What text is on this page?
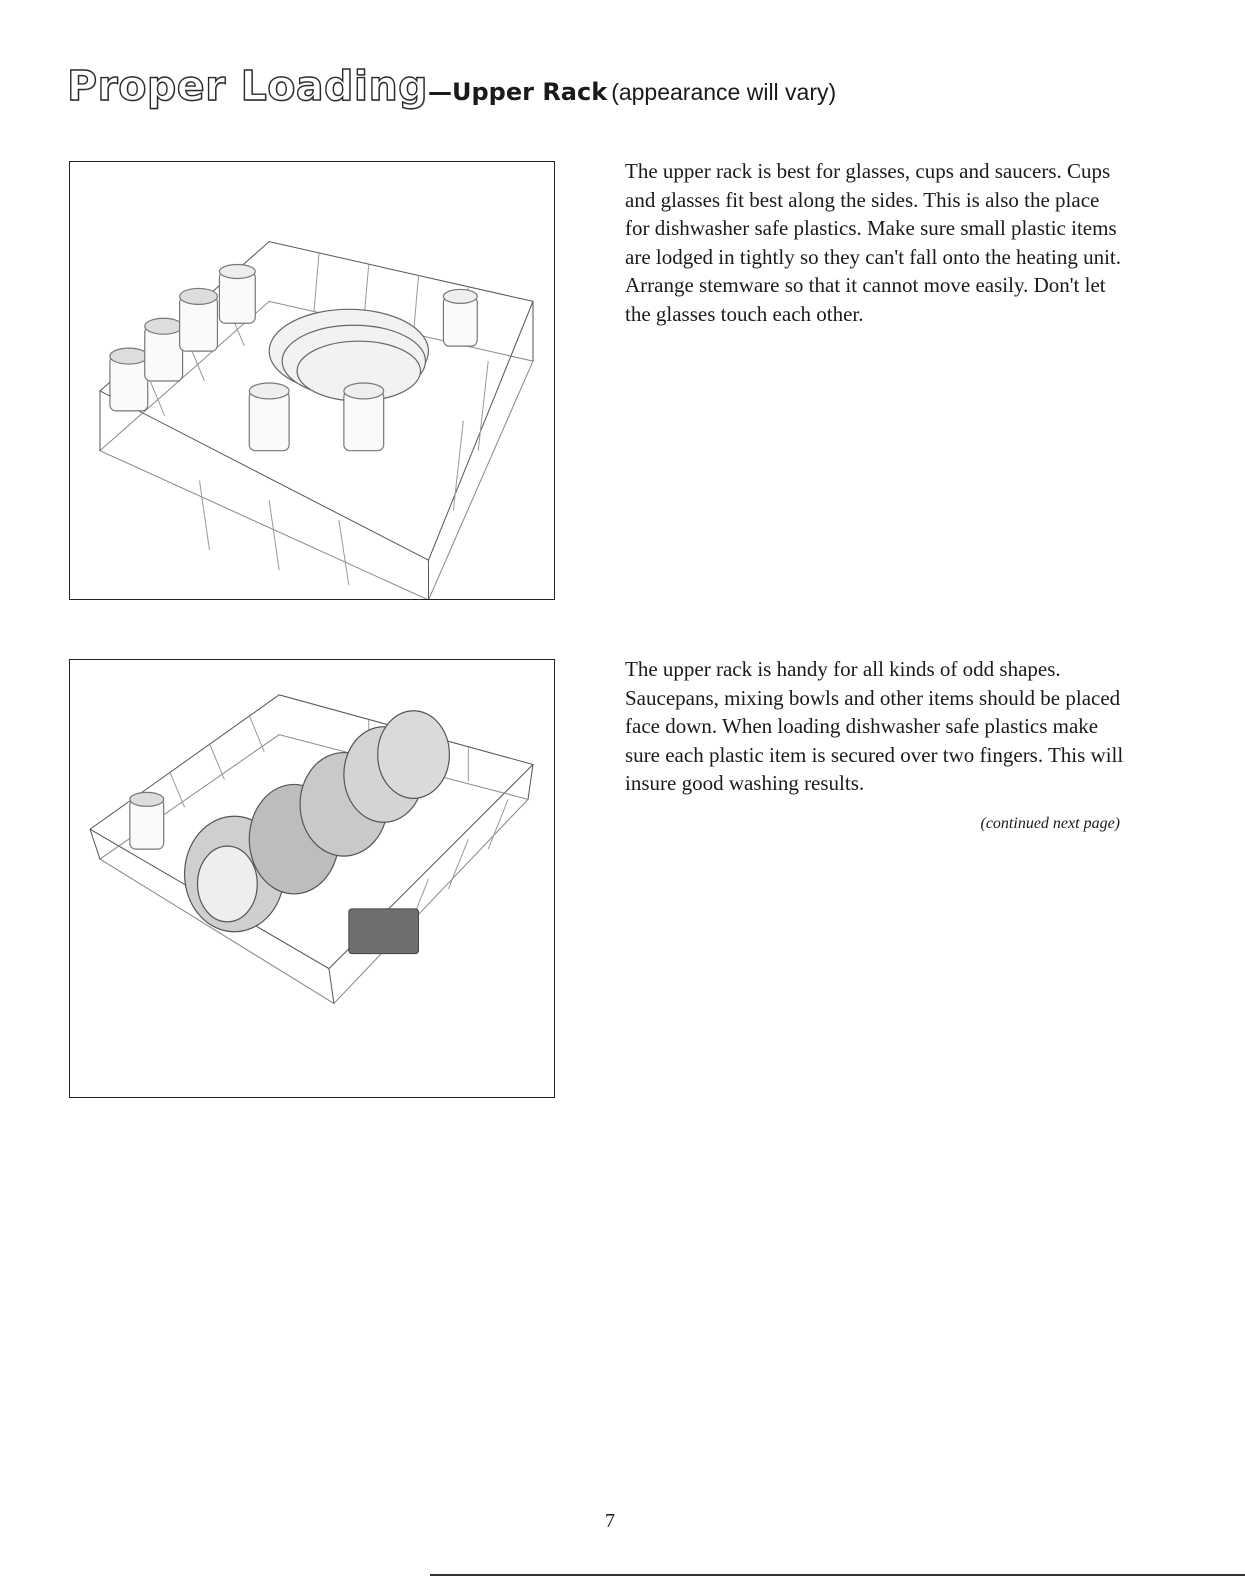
Proper Loading—Upper Rack (appearance will vary)

The upper rack is best for glasses, cups and saucers. Cups and glasses fit best along the sides. This is also the place for dishwasher safe plastics. Make sure small plastic items are lodged in tightly so they can't fall onto the heating unit. Arrange stemware so that it cannot move easily. Don't let the glasses touch each other.

The upper rack is handy for all kinds of odd shapes. Saucepans, mixing bowls and other items should be placed face down. When loading dishwasher safe plastics make sure each plastic item is secured over two fingers. This will insure good washing results.

(continued next page)
7
